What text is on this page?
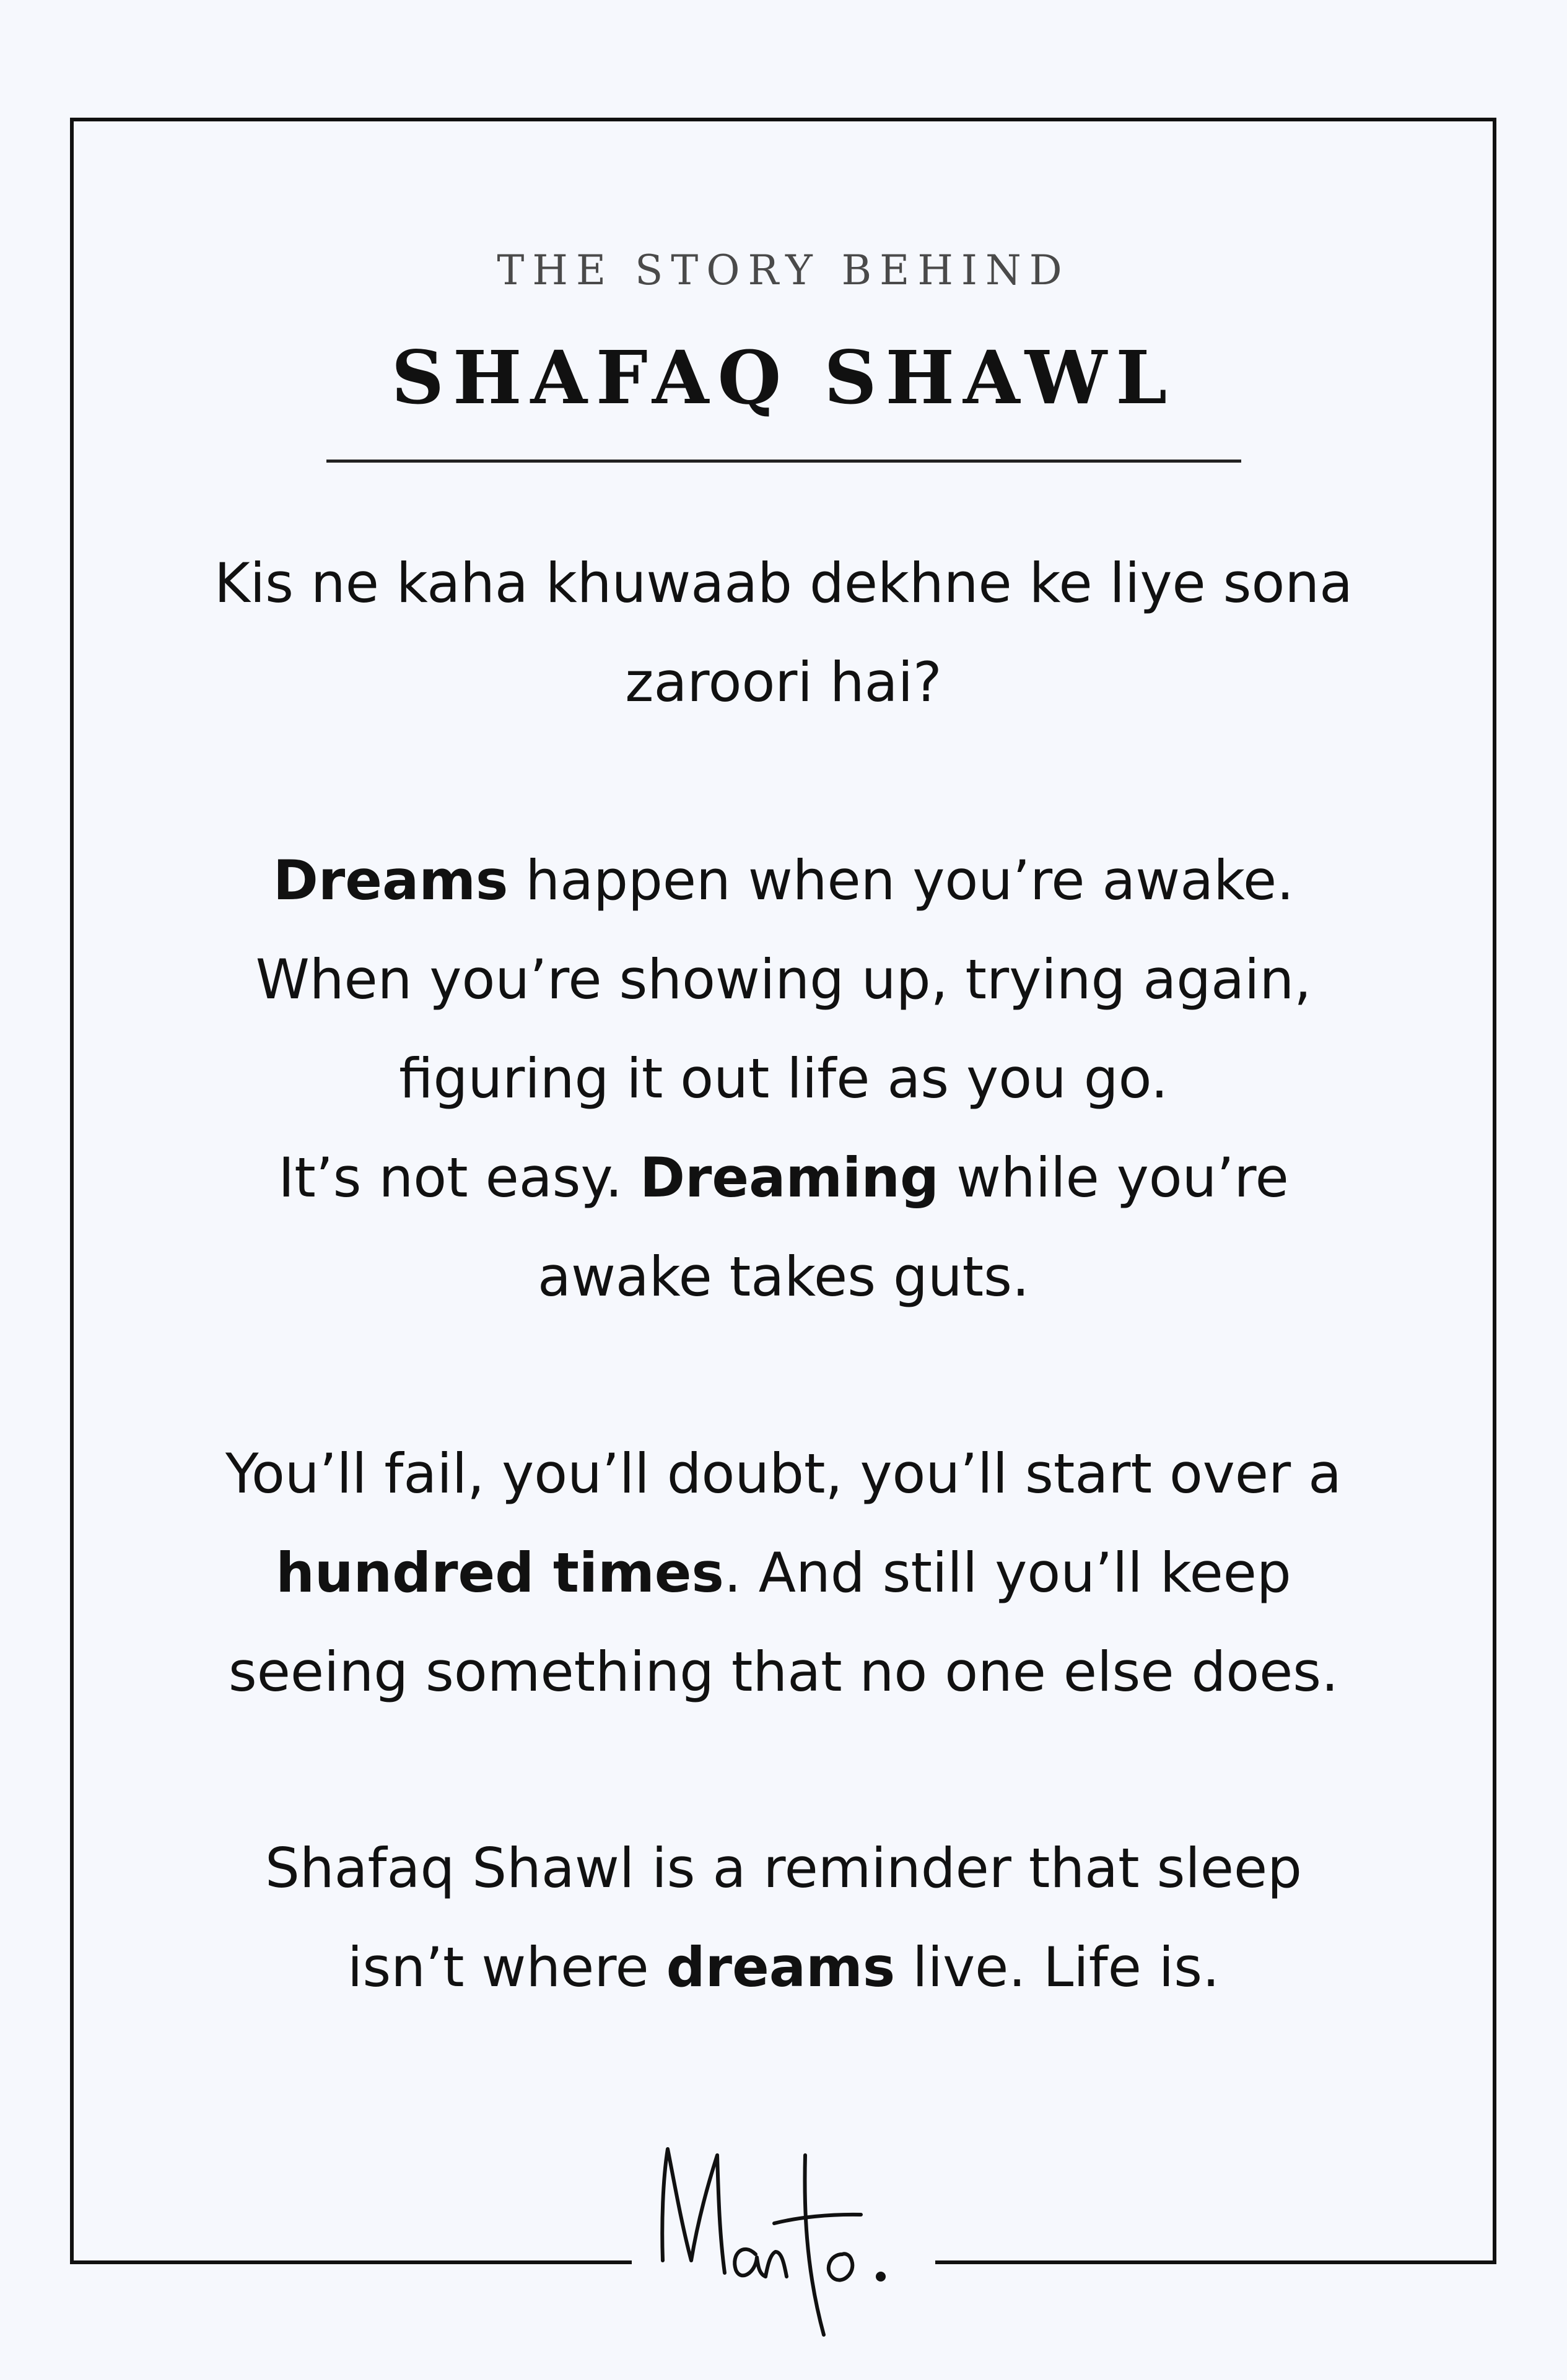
THE STORY BEHIND
SHAFAQ SHAWL
Kis ne kaha khuwaab dekhne ke liye sona
zaroori hai?
Dreams happen when you’re awake.
When you’re showing up, trying again,
figuring it out life as you go.
It’s not easy. Dreaming while you’re
awake takes guts.
You’ll fail, you’ll doubt, you’ll start over a
hundred times. And still you’ll keep
seeing something that no one else does.
Shafaq Shawl is a reminder that sleep
isn’t where dreams live. Life is.
